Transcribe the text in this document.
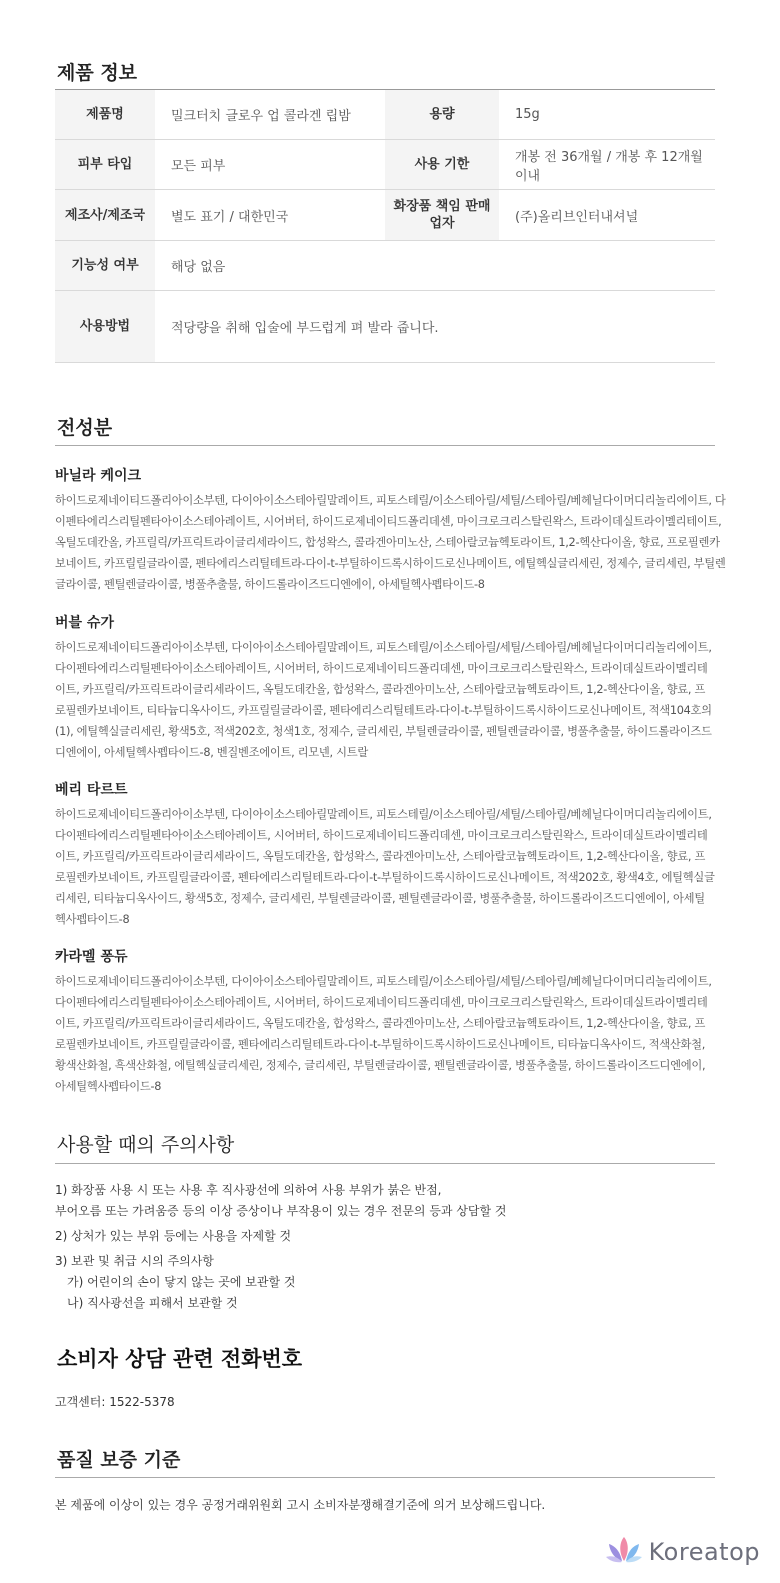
제품 정보
제품명	밀크터치 글로우 업 콜라겐 립밤	용량	15g
피부 타입	모든 피부	사용 기한	개봉 전 36개월 / 개봉 후 12개월 이내
제조사/제조국	별도 표기 / 대한민국	화장품 책임 판매업자	(주)올리브인터내셔널
기능성 여부	해당 없음		
사용방법	적당량을 취해 입술에 부드럽게 펴 발라 줍니다.		
전성분
바닐라 케이크
하이드로제네이티드폴리아이소부텐, 다이아이소스테아릴말레이트, 피토스테릴/이소스테아릴/세틸/스테아릴/베헤닐다이머디리놀리에이트, 다이펜타에리스리틸펜타아이소스테아레이트, 시어버터, 하이드로제네이티드폴리데센, 마이크로크리스탈린왁스, 트라이데실트라이멜리테이트, 옥틸도데칸올, 카프릴릭/카프릭트라이글리세라이드, 합성왁스, 콜라겐아미노산, 스테아랄코늄헥토라이트, 1,2-헥산다이올, 향료, 프로필렌카보네이트, 카프릴릴글라이콜, 펜타에리스리틸테트라-다이-t-부틸하이드록시하이드로신나메이트, 에틸헥실글리세린, 정제수, 글리세린, 부틸렌글라이콜, 펜틸렌글라이콜, 병풀추출물, 하이드롤라이즈드디엔에이, 아세틸헥사펩타이드-8
버블 슈가
하이드로제네이티드폴리아이소부텐, 다이아이소스테아릴말레이트, 피토스테릴/이소스테아릴/세틸/스테아릴/베헤닐다이머디리놀리에이트, 다이펜타에리스리틸펜타아이소스테아레이트, 시어버터, 하이드로제네이티드폴리데센, 마이크로크리스탈린왁스, 트라이데실트라이멜리테이트, 카프릴릭/카프릭트라이글리세라이드, 옥틸도데칸올, 합성왁스, 콜라겐아미노산, 스테아랄코늄헥토라이트, 1,2-헥산다이올, 향료, 프로필렌카보네이트, 티타늄디옥사이드, 카프릴릴글라이콜, 펜타에리스리틸테트라-다이-t-부틸하이드록시하이드로신나메이트, 적색104호의(1), 에틸헥실글리세린, 황색5호, 적색202호, 청색1호, 정제수, 글리세린, 부틸렌글라이콜, 펜틸렌글라이콜, 병풀추출물, 하이드롤라이즈드디엔에이, 아세틸헥사펩타이드-8, 벤질벤조에이트, 리모넨, 시트랄
베리 타르트
하이드로제네이티드폴리아이소부텐, 다이아이소스테아릴말레이트, 피토스테릴/이소스테아릴/세틸/스테아릴/베헤닐다이머디리놀리에이트, 다이펜타에리스리틸펜타아이소스테아레이트, 시어버터, 하이드로제네이티드폴리데센, 마이크로크리스탈린왁스, 트라이데실트라이멜리테이트, 카프릴릭/카프릭트라이글리세라이드, 옥틸도데칸올, 합성왁스, 콜라겐아미노산, 스테아랄코늄헥토라이트, 1,2-헥산다이올, 향료, 프로필렌카보네이트, 카프릴릴글라이콜, 펜타에리스리틸테트라-다이-t-부틸하이드록시하이드로신나메이트, 적색202호, 황색4호, 에틸헥실글리세린, 티타늄디옥사이드, 황색5호, 정제수, 글리세린, 부틸렌글라이콜, 펜틸렌글라이콜, 병풀추출물, 하이드롤라이즈드디엔에이, 아세틸헥사펩타이드-8
카라멜 퐁듀
하이드로제네이티드폴리아이소부텐, 다이아이소스테아릴말레이트, 피토스테릴/이소스테아릴/세틸/스테아릴/베헤닐다이머디리놀리에이트, 다이펜타에리스리틸펜타아이소스테아레이트, 시어버터, 하이드로제네이티드폴리데센, 마이크로크리스탈린왁스, 트라이데실트라이멜리테이트, 카프릴릭/카프릭트라이글리세라이드, 옥틸도데칸올, 합성왁스, 콜라겐아미노산, 스테아랄코늄헥토라이트, 1,2-헥산다이올, 향료, 프로필렌카보네이트, 카프릴릴글라이콜, 펜타에리스리틸테트라-다이-t-부틸하이드록시하이드로신나메이트, 티타늄디옥사이드, 적색산화철, 황색산화철, 흑색산화철, 에틸헥실글리세린, 정제수, 글리세린, 부틸렌글라이콜, 펜틸렌글라이콜, 병풀추출물, 하이드롤라이즈드디엔에이, 아세틸헥사펩타이드-8
사용할 때의 주의사항
1) 화장품 사용 시 또는 사용 후 직사광선에 의하여 사용 부위가 붉은 반점,
부어오름 또는 가려움증 등의 이상 증상이나 부작용이 있는 경우 전문의 등과 상담할 것
2) 상처가 있는 부위 등에는 사용을 자제할 것
3) 보관 및 취급 시의 주의사항
가) 어린이의 손이 닿지 않는 곳에 보관할 것
나) 직사광선을 피해서 보관할 것
소비자 상담 관련 전화번호
고객센터: 1522-5378
품질 보증 기준
본 제품에 이상이 있는 경우 공정거래위원회 고시 소비자분쟁해결기준에 의거 보상해드립니다.
Koreatop
